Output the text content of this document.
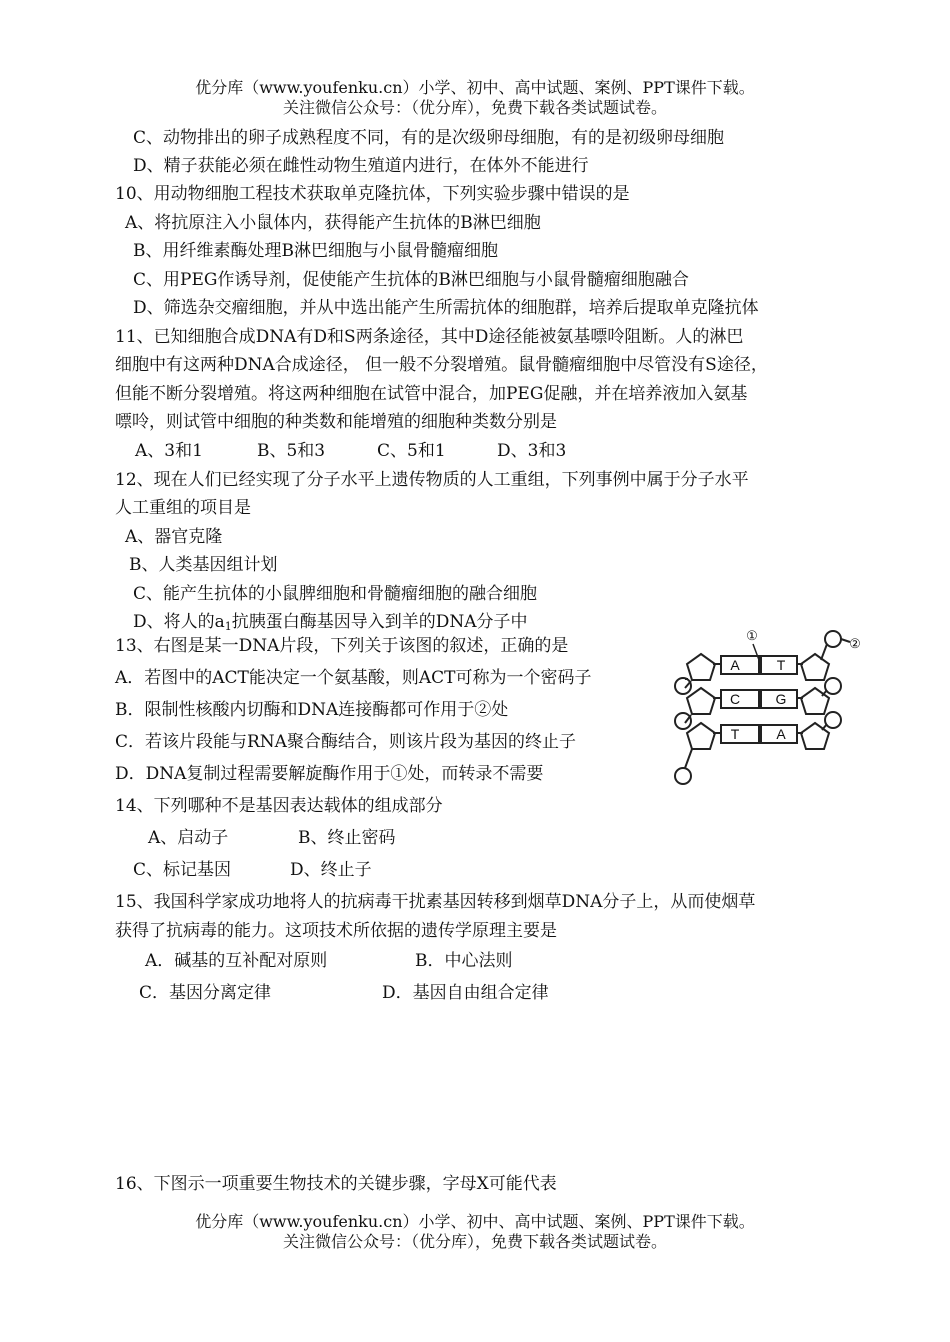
优分库（www.youfenku.cn）小学、初中、高中试题、案例、PPT课件下载。
关注微信公众号：（优分库），免费下载各类试题试卷。
C、动物排出的卵子成熟程度不同，有的是次级卵母细胞，有的是初级卵母细胞
D、精子获能必须在雌性动物生殖道内进行，在体外不能进行
10、用动物细胞工程技术获取单克隆抗体，下列实验步骤中错误的是
A、将抗原注入小鼠体内，获得能产生抗体的B淋巴细胞
B、用纤维素酶处理B淋巴细胞与小鼠骨髓瘤细胞
C、用PEG作诱导剂，促使能产生抗体的B淋巴细胞与小鼠骨髓瘤细胞融合
D、筛选杂交瘤细胞，并从中选出能产生所需抗体的细胞群，培养后提取单克隆抗体
11、已知细胞合成DNA有D和S两条途径，其中D途径能被氨基嘌呤阻断。人的淋巴
细胞中有这两种DNA合成途径， 但一般不分裂增殖。鼠骨髓瘤细胞中尽管没有S途径，
但能不断分裂增殖。将这两种细胞在试管中混合，加PEG促融，并在培养液加入氨基
嘌呤，则试管中细胞的种类数和能增殖的细胞种类数分别是
A、3和1	B、5和3	C、5和1	D、3和3
12、现在人们已经实现了分子水平上遗传物质的人工重组，下列事例中属于分子水平
人工重组的项目是
A、器官克隆
B、人类基因组计划
C、能产生抗体的小鼠脾细胞和骨髓瘤细胞的融合细胞
D、将人的$a_1$抗胰蛋白酶基因导入到羊的DNA分子中
13、右图是某一DNA片段，下列关于该图的叙述，正确的是
A．若图中的ACT能决定一个氨基酸，则ACT可称为一个密码子
B．限制性核酸内切酶和DNA连接酶都可作用于②处
C．若该片段能与RNA聚合酶结合，则该片段为基因的终止子
D．DNA复制过程需要解旋酶作用于①处，而转录不需要
A
C
T
T
G
A
①
②
14、下列哪种不是基因表达载体的组成部分
A、启动子	B、终止密码
C、标记基因	D、终止子
15、我国科学家成功地将人的抗病毒干扰素基因转移到烟草DNA分子上，从而使烟草
获得了抗病毒的能力。这项技术所依据的遗传学原理主要是
A．碱基的互补配对原则	B．中心法则
C．基因分离定律	D．基因自由组合定律
16、下图示一项重要生物技术的关键步骤，字母X可能代表
优分库（www.youfenku.cn）小学、初中、高中试题、案例、PPT课件下载。
关注微信公众号：（优分库），免费下载各类试题试卷。
